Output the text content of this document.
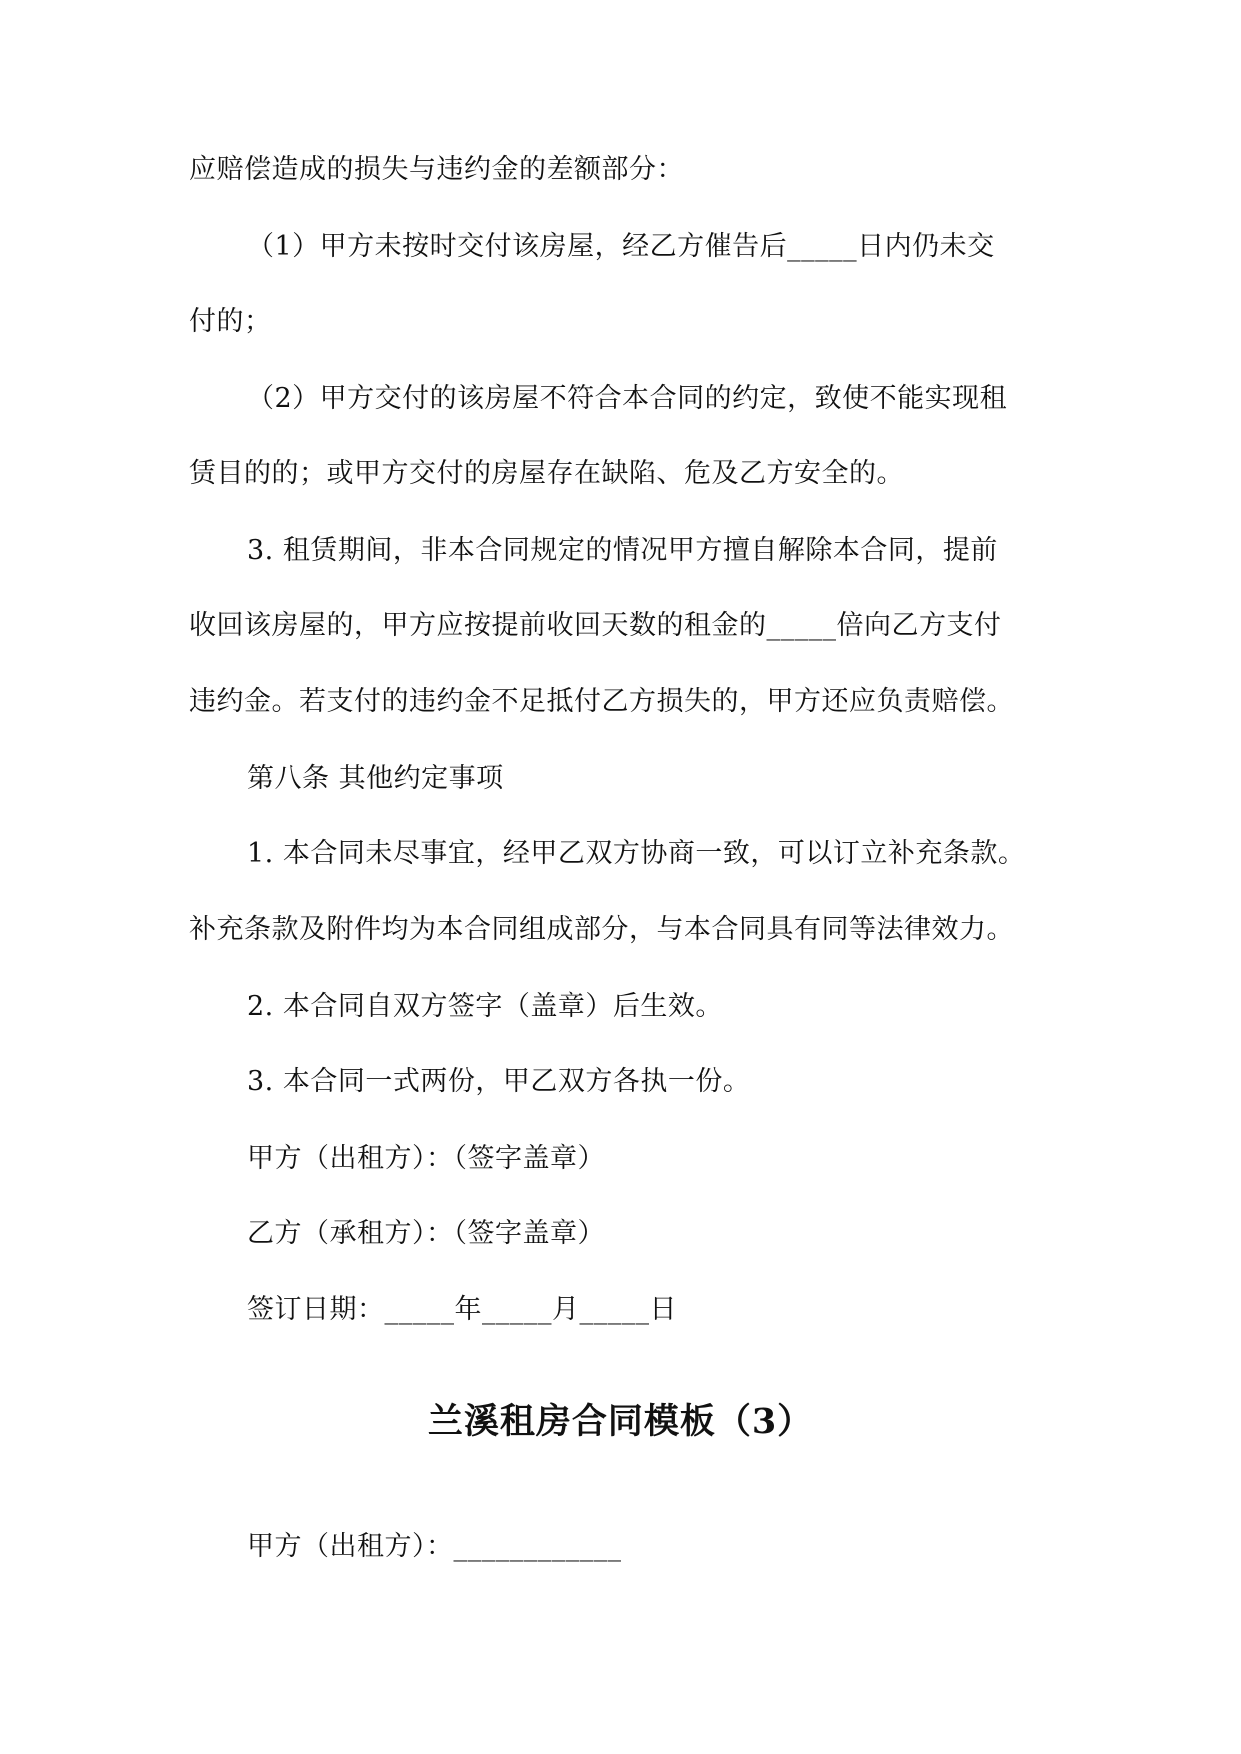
应赔偿造成的损失与违约金的差额部分：
（1）甲方未按时交付该房屋，经乙方催告后_____日内仍未交
付的；
（2）甲方交付的该房屋不符合本合同的约定，致使不能实现租
赁目的的；或甲方交付的房屋存在缺陷、危及乙方安全的。
3. 租赁期间，非本合同规定的情况甲方擅自解除本合同，提前
收回该房屋的，甲方应按提前收回天数的租金的_____倍向乙方支付
违约金。若支付的违约金不足抵付乙方损失的，甲方还应负责赔偿。
第八条 其他约定事项
1. 本合同未尽事宜，经甲乙双方协商一致，可以订立补充条款。
补充条款及附件均为本合同组成部分，与本合同具有同等法律效力。
2. 本合同自双方签字（盖章）后生效。
3. 本合同一式两份，甲乙双方各执一份。
甲方（出租方）：（签字盖章）
乙方（承租方）：（签字盖章）
签订日期：_____年_____月_____日
兰溪租房合同模板（3）
甲方（出租方）：____________
